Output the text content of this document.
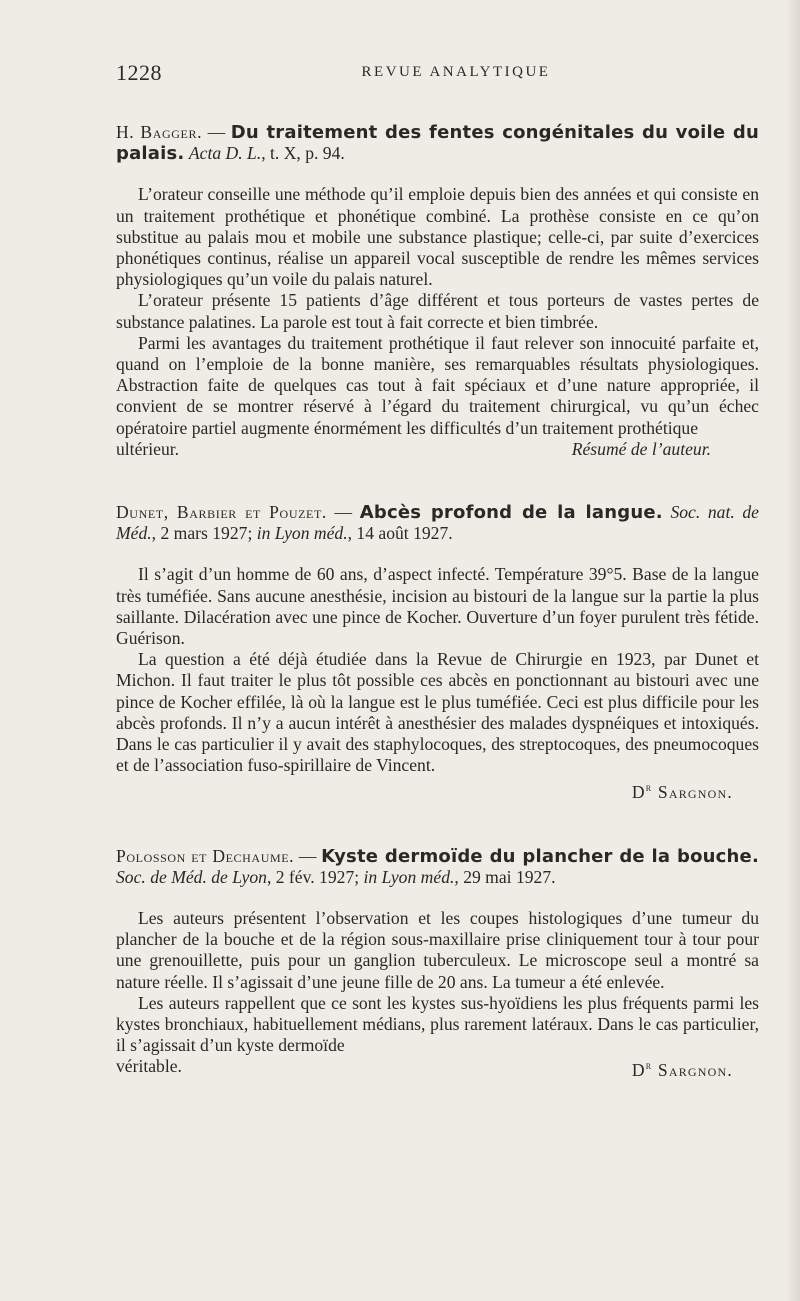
1228	REVUE ANALYTIQUE

H. Bagger. — Du traitement des fentes congénitales du voile du palais. Acta D. L., t. X, p. 94.

L’orateur conseille une méthode qu’il emploie depuis bien des années et qui consiste en un traitement prothétique et phonétique combiné. La prothèse consiste en ce qu’on substitue au palais mou et mobile une substance plastique; celle-ci, par suite d’exercices phonétiques continus, réalise un appareil vocal susceptible de rendre les mêmes services physiologiques qu’un voile du palais naturel.

L’orateur présente 15 patients d’âge différent et tous porteurs de vastes pertes de substance palatines. La parole est tout à fait correcte et bien timbrée.

Parmi les avantages du traitement prothétique il faut relever son innocuité parfaite et, quand on l’emploie de la bonne manière, ses remarquables résultats physiologiques. Abstraction faite de quelques cas tout à fait spéciaux et d’une nature appropriée, il convient de se montrer réservé à l’égard du traitement chirurgical, vu qu’un échec opératoire partiel augmente énormément les difficultés d’un traitement prothétique

ultérieur.	Résumé de l’auteur.

Dunet, Barbier et Pouzet. — Abcès profond de la langue. Soc. nat. de Méd., 2 mars 1927; in Lyon méd., 14 août 1927.

Il s’agit d’un homme de 60 ans, d’aspect infecté. Température 39°5. Base de la langue très tuméfiée. Sans aucune anesthésie, incision au bistouri de la langue sur la partie la plus saillante. Dilacération avec une pince de Kocher. Ouverture d’un foyer purulent très fétide. Guérison.

La question a été déjà étudiée dans la Revue de Chirurgie en 1923, par Dunet et Michon. Il faut traiter le plus tôt possible ces abcès en ponctionnant au bistouri avec une pince de Kocher effilée, là où la langue est le plus tuméfiée. Ceci est plus difficile pour les abcès profonds. Il n’y a aucun intérêt à anesthésier des malades dyspnéiques et intoxiqués. Dans le cas particulier il y avait des staphylocoques, des streptocoques, des pneumocoques et de l’association fuso-spirillaire de Vincent.

$D^r$ Sargnon.

Polosson et Dechaume. — Kyste dermoïde du plancher de la bouche. Soc. de Méd. de Lyon, 2 fév. 1927; in Lyon méd., 29 mai 1927.

Les auteurs présentent l’observation et les coupes histologiques d’une tumeur du plancher de la bouche et de la région sous-maxillaire prise cliniquement tour à tour pour une grenouillette, puis pour un ganglion tuberculeux. Le microscope seul a montré sa nature réelle. Il s’agissait d’une jeune fille de 20 ans. La tumeur a été enlevée.

Les auteurs rappellent que ce sont les kystes sus-hyoïdiens les plus fréquents parmi les kystes bronchiaux, habituellement médians, plus rarement latéraux. Dans le cas particulier, il s’agissait d’un kyste dermoïde

véritable.	$D^r$ Sargnon.
